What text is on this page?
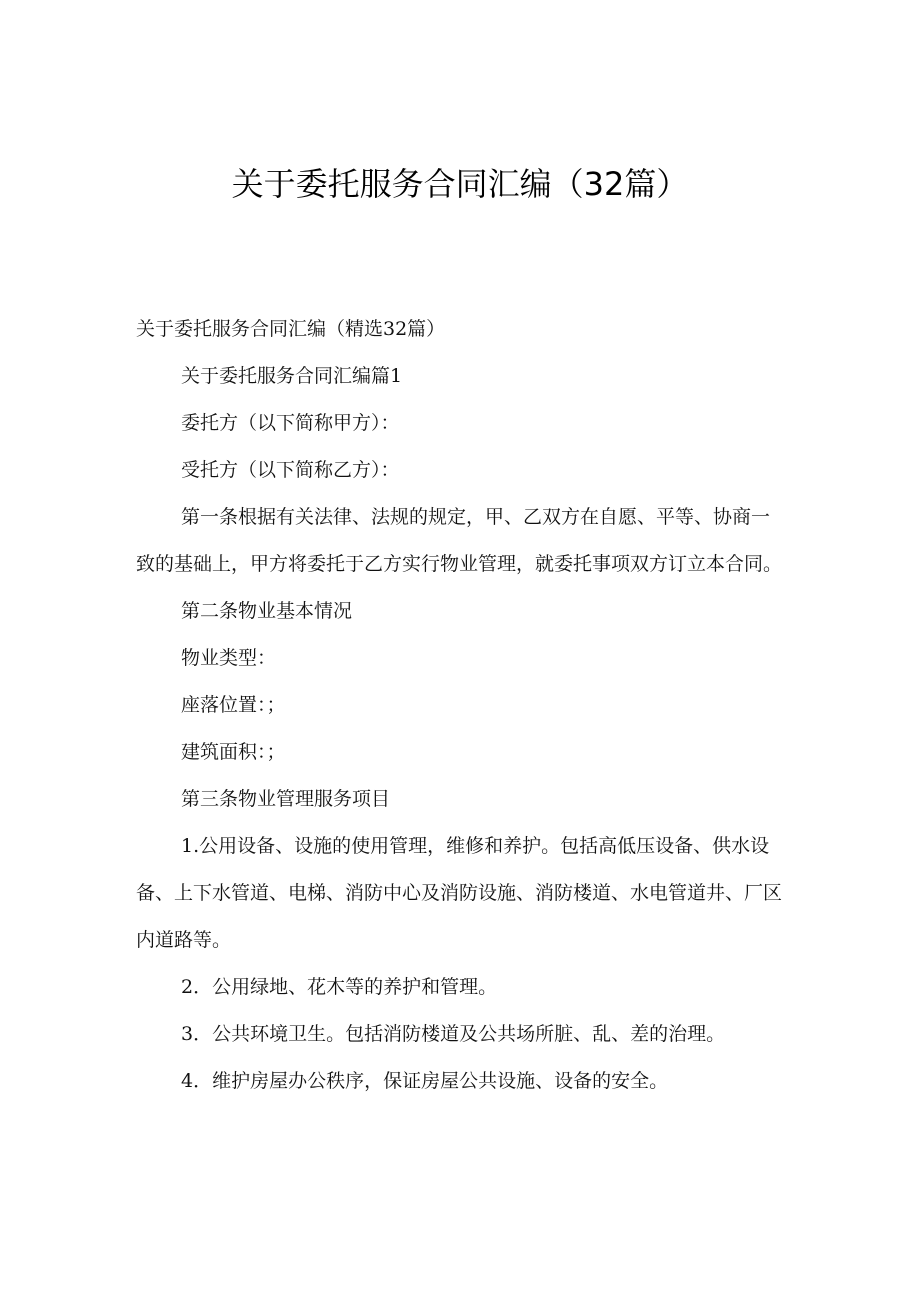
关于委托服务合同汇编（32篇）

关于委托服务合同汇编（精选32篇）

关于委托服务合同汇编篇1

委托方（以下简称甲方）：

受托方（以下简称乙方）：

第一条根据有关法律、法规的规定，甲、乙双方在自愿、平等、协商一致的基础上，甲方将委托于乙方实行物业管理，就委托事项双方订立本合同。

第二条物业基本情况

物业类型：

座落位置：；

建筑面积：；

第三条物业管理服务项目

1.公用设备、设施的使用管理，维修和养护。包括高低压设备、供水设备、上下水管道、电梯、消防中心及消防设施、消防楼道、水电管道井、厂区内道路等。

2．公用绿地、花木等的养护和管理。

3．公共环境卫生。包括消防楼道及公共场所脏、乱、差的治理。

4．维护房屋办公秩序，保证房屋公共设施、设备的安全。
